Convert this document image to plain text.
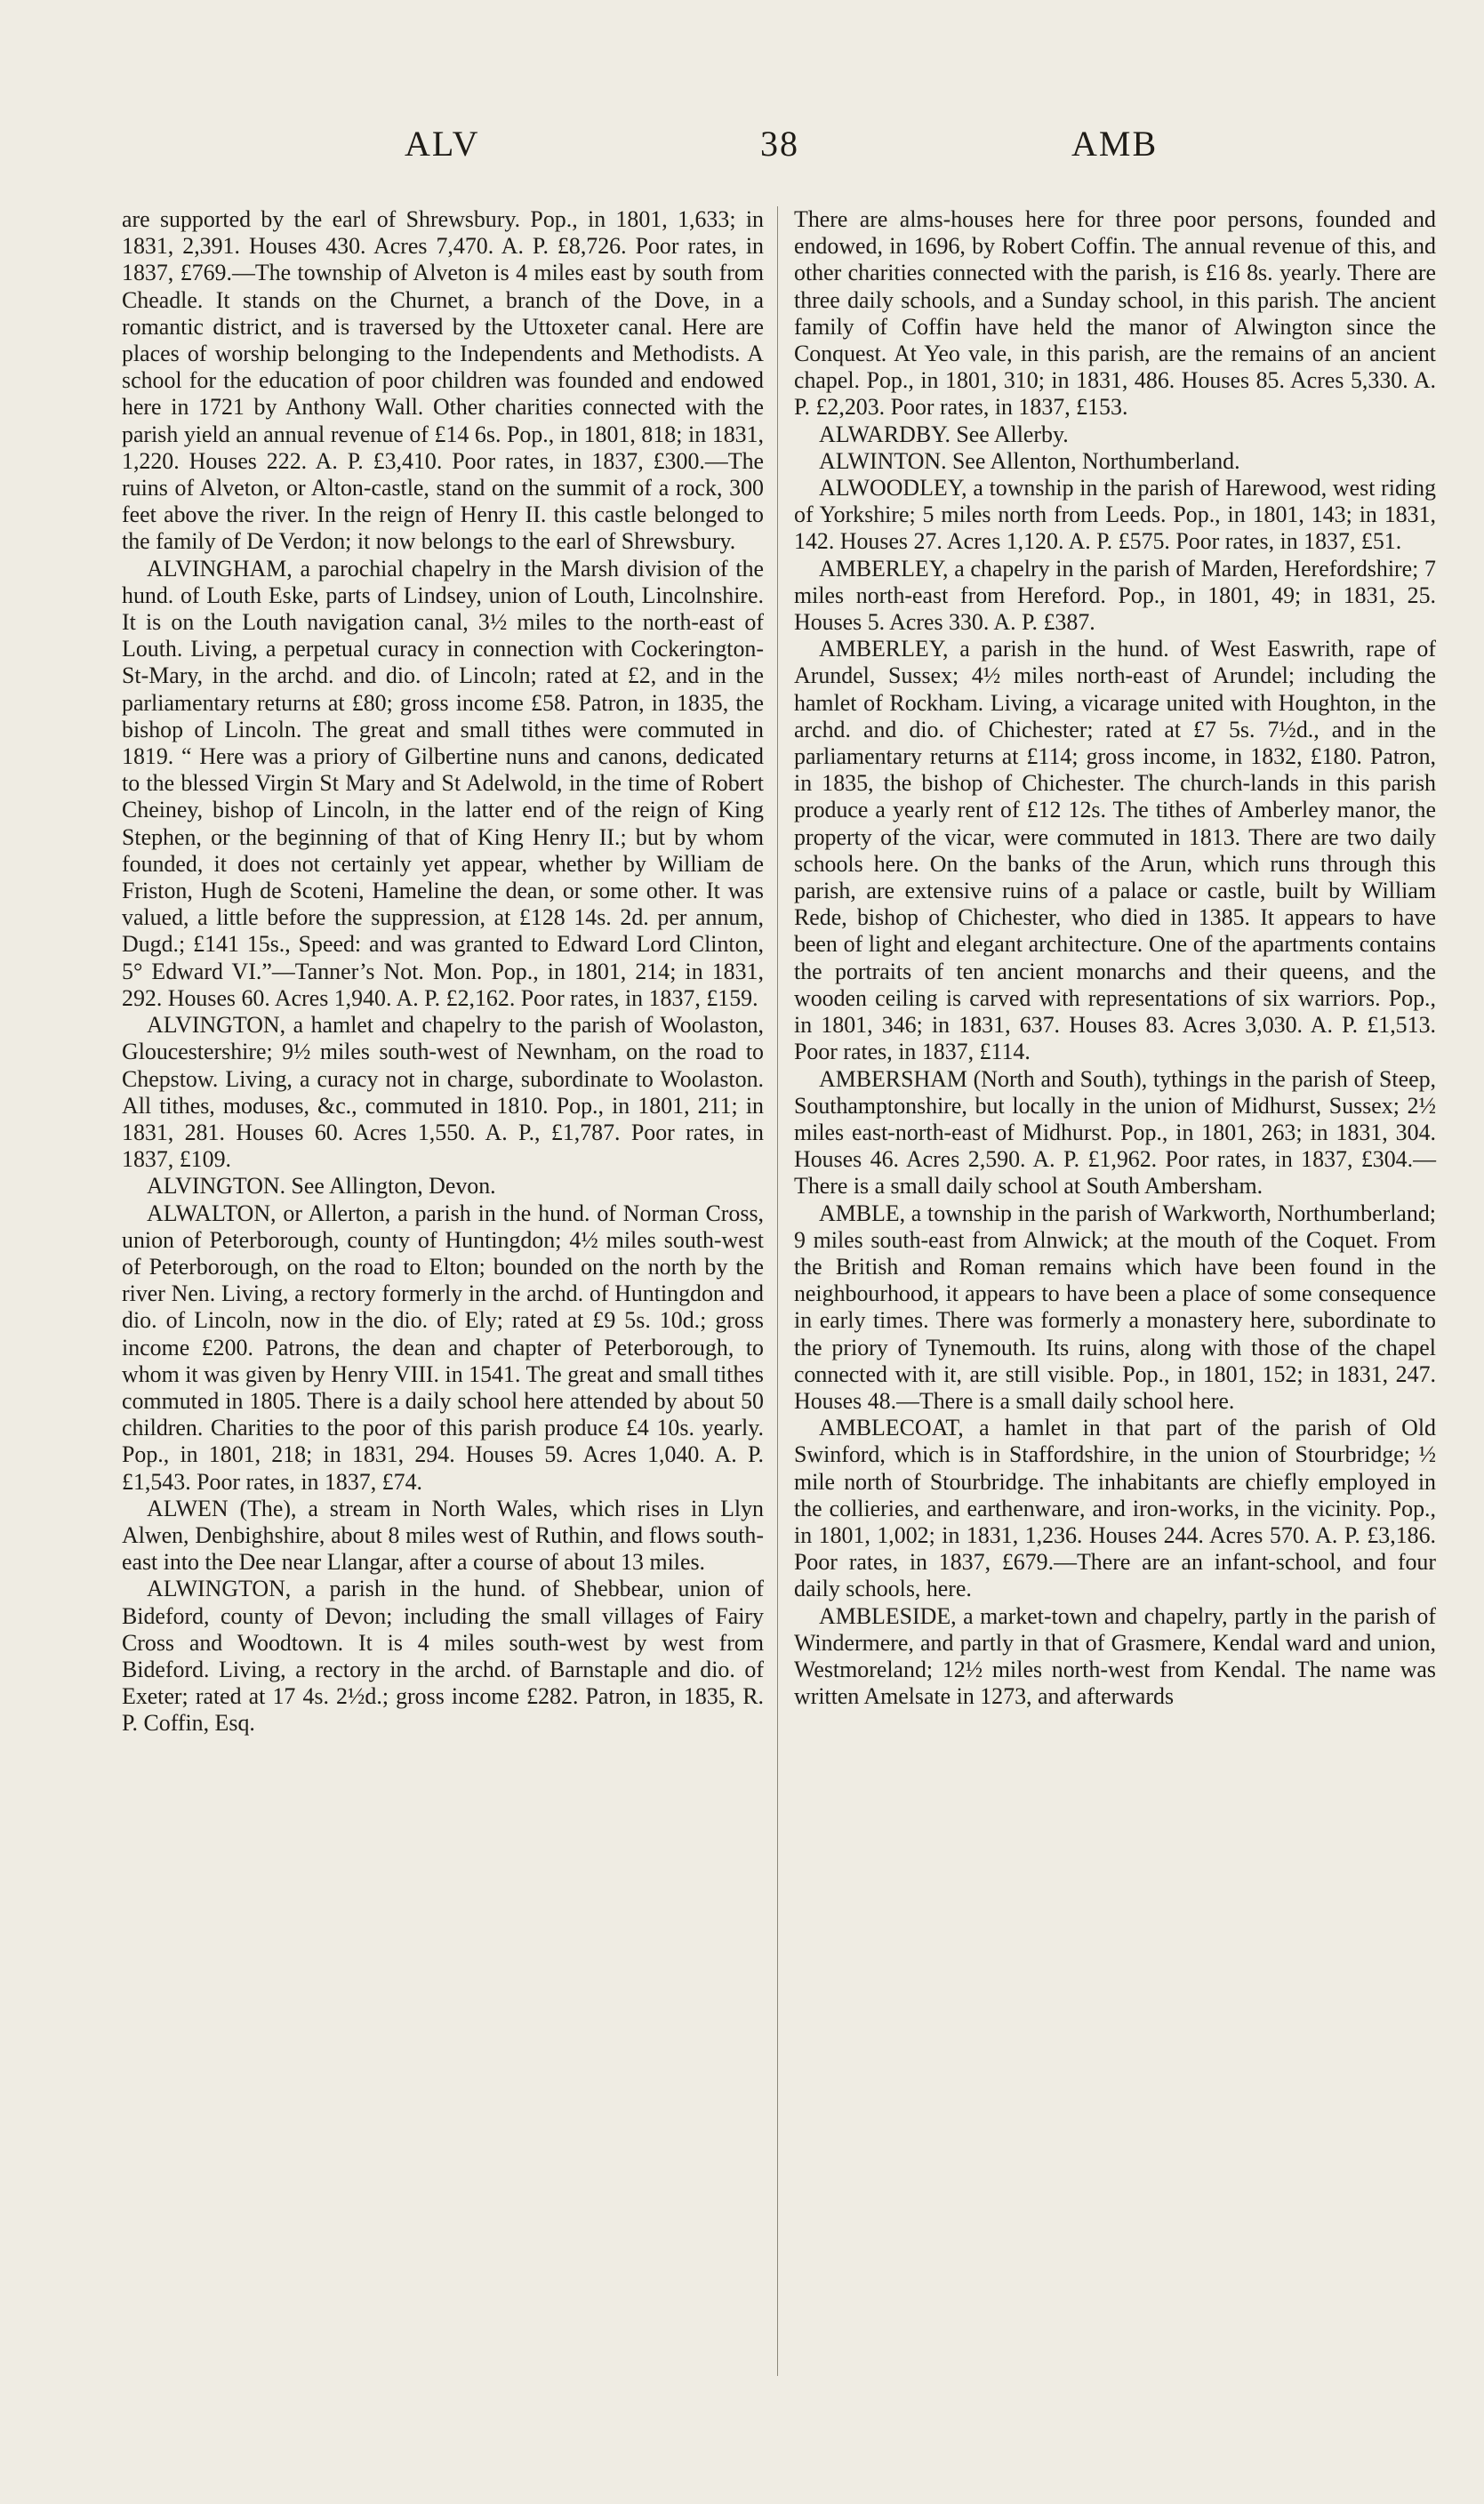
ALV	38	AMB

are supported by the earl of Shrewsbury. Pop., in 1801, 1,633; in 1831, 2,391. Houses 430. Acres 7,470. A. P. £8,726. Poor rates, in 1837, £769.—The township of Alveton is 4 miles east by south from Cheadle. It stands on the Churnet, a branch of the Dove, in a romantic district, and is traversed by the Uttoxeter canal. Here are places of worship belonging to the Independents and Methodists. A school for the education of poor children was founded and endowed here in 1721 by Anthony Wall. Other charities connected with the parish yield an annual revenue of £14 6s. Pop., in 1801, 818; in 1831, 1,220. Houses 222. A. P. £3,410. Poor rates, in 1837, £300.—The ruins of Alveton, or Alton-castle, stand on the summit of a rock, 300 feet above the river. In the reign of Henry II. this castle belonged to the family of De Verdon; it now belongs to the earl of Shrewsbury.

ALVINGHAM, a parochial chapelry in the Marsh division of the hund. of Louth Eske, parts of Lindsey, union of Louth, Lincolnshire. It is on the Louth navigation canal, 3½ miles to the north-east of Louth. Living, a perpetual curacy in connection with Cockerington-St-Mary, in the archd. and dio. of Lincoln; rated at £2, and in the parliamentary returns at £80; gross income £58. Patron, in 1835, the bishop of Lincoln. The great and small tithes were commuted in 1819. “ Here was a priory of Gilbertine nuns and canons, dedicated to the blessed Virgin St Mary and St Adelwold, in the time of Robert Cheiney, bishop of Lincoln, in the latter end of the reign of King Stephen, or the beginning of that of King Henry II.; but by whom founded, it does not certainly yet appear, whether by William de Friston, Hugh de Scoteni, Hameline the dean, or some other. It was valued, a little before the suppression, at £128 14s. 2d. per annum, Dugd.; £141 15s., Speed: and was granted to Edward Lord Clinton, 5° Edward VI.”—Tanner’s Not. Mon. Pop., in 1801, 214; in 1831, 292. Houses 60. Acres 1,940. A. P. £2,162. Poor rates, in 1837, £159.

ALVINGTON, a hamlet and chapelry to the parish of Woolaston, Gloucestershire; 9½ miles south-west of Newnham, on the road to Chepstow. Living, a curacy not in charge, subordinate to Woolaston. All tithes, moduses, &c., commuted in 1810. Pop., in 1801, 211; in 1831, 281. Houses 60. Acres 1,550. A. P., £1,787. Poor rates, in 1837, £109.

ALVINGTON. See Allington, Devon.

ALWALTON, or Allerton, a parish in the hund. of Norman Cross, union of Peterborough, county of Huntingdon; 4½ miles south-west of Peterborough, on the road to Elton; bounded on the north by the river Nen. Living, a rectory formerly in the archd. of Huntingdon and dio. of Lincoln, now in the dio. of Ely; rated at £9 5s. 10d.; gross income £200. Patrons, the dean and chapter of Peterborough, to whom it was given by Henry VIII. in 1541. The great and small tithes commuted in 1805. There is a daily school here attended by about 50 children. Charities to the poor of this parish produce £4 10s. yearly. Pop., in 1801, 218; in 1831, 294. Houses 59. Acres 1,040. A. P. £1,543. Poor rates, in 1837, £74.

ALWEN (The), a stream in North Wales, which rises in Llyn Alwen, Denbighshire, about 8 miles west of Ruthin, and flows south-east into the Dee near Llangar, after a course of about 13 miles.

ALWINGTON, a parish in the hund. of Shebbear, union of Bideford, county of Devon; including the small villages of Fairy Cross and Woodtown. It is 4 miles south-west by west from Bideford. Living, a rectory in the archd. of Barnstaple and dio. of Exeter; rated at 17 4s. 2½d.; gross income £282. Patron, in 1835, R. P. Coffin, Esq.

There are alms-houses here for three poor persons, founded and endowed, in 1696, by Robert Coffin. The annual revenue of this, and other charities connected with the parish, is £16 8s. yearly. There are three daily schools, and a Sunday school, in this parish. The ancient family of Coffin have held the manor of Alwington since the Conquest. At Yeo vale, in this parish, are the remains of an ancient chapel. Pop., in 1801, 310; in 1831, 486. Houses 85. Acres 5,330. A. P. £2,203. Poor rates, in 1837, £153.

ALWARDBY. See Allerby.

ALWINTON. See Allenton, Northumberland.

ALWOODLEY, a township in the parish of Harewood, west riding of Yorkshire; 5 miles north from Leeds. Pop., in 1801, 143; in 1831, 142. Houses 27. Acres 1,120. A. P. £575. Poor rates, in 1837, £51.

AMBERLEY, a chapelry in the parish of Marden, Herefordshire; 7 miles north-east from Hereford. Pop., in 1801, 49; in 1831, 25. Houses 5. Acres 330. A. P. £387.

AMBERLEY, a parish in the hund. of West Easwrith, rape of Arundel, Sussex; 4½ miles north-east of Arundel; including the hamlet of Rockham. Living, a vicarage united with Houghton, in the archd. and dio. of Chichester; rated at £7 5s. 7½d., and in the parliamentary returns at £114; gross income, in 1832, £180. Patron, in 1835, the bishop of Chichester. The church-lands in this parish produce a yearly rent of £12 12s. The tithes of Amberley manor, the property of the vicar, were commuted in 1813. There are two daily schools here. On the banks of the Arun, which runs through this parish, are extensive ruins of a palace or castle, built by William Rede, bishop of Chichester, who died in 1385. It appears to have been of light and elegant architecture. One of the apartments contains the portraits of ten ancient monarchs and their queens, and the wooden ceiling is carved with representations of six warriors. Pop., in 1801, 346; in 1831, 637. Houses 83. Acres 3,030. A. P. £1,513. Poor rates, in 1837, £114.

AMBERSHAM (North and South), tythings in the parish of Steep, Southamptonshire, but locally in the union of Midhurst, Sussex; 2½ miles east-north-east of Midhurst. Pop., in 1801, 263; in 1831, 304. Houses 46. Acres 2,590. A. P. £1,962. Poor rates, in 1837, £304.—There is a small daily school at South Ambersham.

AMBLE, a township in the parish of Warkworth, Northumberland; 9 miles south-east from Alnwick; at the mouth of the Coquet. From the British and Roman remains which have been found in the neighbourhood, it appears to have been a place of some consequence in early times. There was formerly a monastery here, subordinate to the priory of Tynemouth. Its ruins, along with those of the chapel connected with it, are still visible. Pop., in 1801, 152; in 1831, 247. Houses 48.—There is a small daily school here.

AMBLECOAT, a hamlet in that part of the parish of Old Swinford, which is in Staffordshire, in the union of Stourbridge; ½ mile north of Stourbridge. The inhabitants are chiefly employed in the collieries, and earthenware, and iron-works, in the vicinity. Pop., in 1801, 1,002; in 1831, 1,236. Houses 244. Acres 570. A. P. £3,186. Poor rates, in 1837, £679.—There are an infant-school, and four daily schools, here.

AMBLESIDE, a market-town and chapelry, partly in the parish of Windermere, and partly in that of Grasmere, Kendal ward and union, Westmoreland; 12½ miles north-west from Kendal. The name was written Amelsate in 1273, and afterwards
